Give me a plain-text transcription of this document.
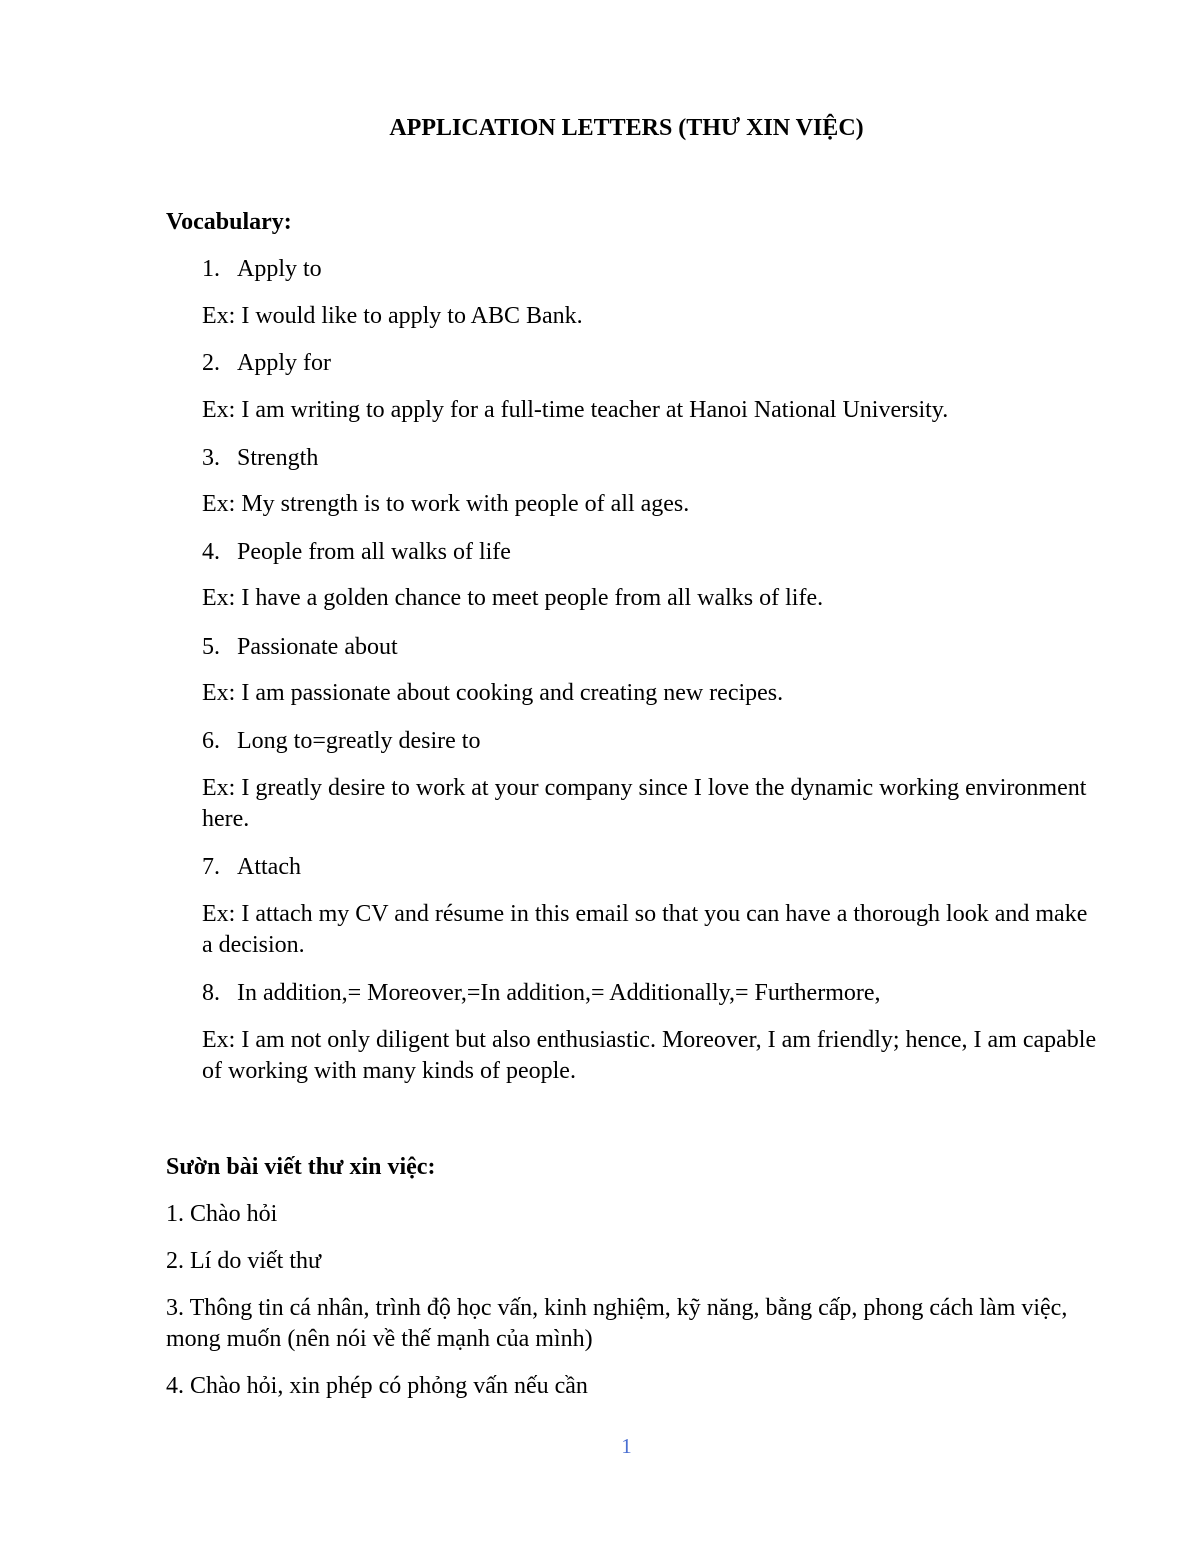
APPLICATION LETTERS (THƯ XIN VIỆC)
Vocabulary:
1. Apply to
Ex: I would like to apply to ABC Bank.
2. Apply for
Ex: I am writing to apply for a full-time teacher at Hanoi National University.
3. Strength
Ex: My strength is to work with people of all ages.
4. People from all walks of life
Ex: I have a golden chance to meet people from all walks of life.
5. Passionate about
Ex: I am passionate about cooking and creating new recipes.
6. Long to=greatly desire to
Ex: I greatly desire to work at your company since I love the dynamic working environment here.
7. Attach
Ex: I attach my CV and résume in this email so that you can have a thorough look and make a decision.
8. In addition,= Moreover,=In addition,= Additionally,= Furthermore,
Ex: I am not only diligent but also enthusiastic. Moreover, I am friendly; hence, I am capable of working with many kinds of people.
Sườn bài viết thư xin việc:
1. Chào hỏi
2. Lí do viết thư
3. Thông tin cá nhân, trình độ học vấn, kinh nghiệm, kỹ năng, bằng cấp, phong cách làm việc, mong muốn (nên nói về thế mạnh của mình)
4. Chào hỏi, xin phép có phỏng vấn nếu cần
1
